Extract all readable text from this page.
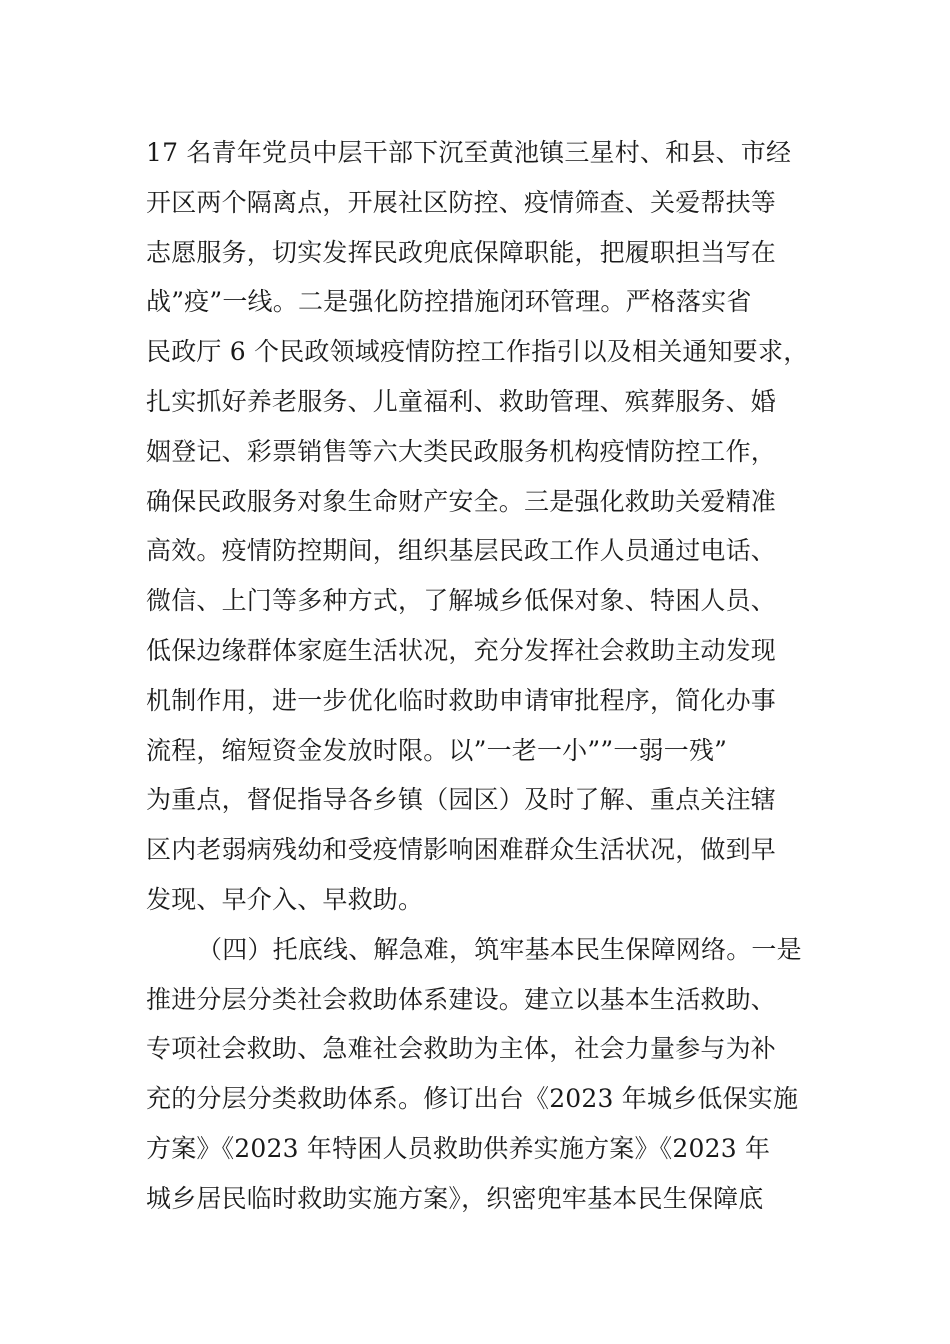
17 名青年党员中层干部下沉至黄池镇三星村、和县、市经
开区两个隔离点，开展社区防控、疫情筛查、关爱帮扶等
志愿服务，切实发挥民政兜底保障职能，把履职担当写在
战”疫”一线。二是强化防控措施闭环管理。严格落实省
民政厅 6 个民政领域疫情防控工作指引以及相关通知要求，
扎实抓好养老服务、儿童福利、救助管理、殡葬服务、婚
姻登记、彩票销售等六大类民政服务机构疫情防控工作，
确保民政服务对象生命财产安全。三是强化救助关爱精准
高效。疫情防控期间，组织基层民政工作人员通过电话、
微信、上门等多种方式，了解城乡低保对象、特困人员、
低保边缘群体家庭生活状况，充分发挥社会救助主动发现
机制作用，进一步优化临时救助申请审批程序，简化办事
流程，缩短资金发放时限。以”一老一小””一弱一残”
为重点，督促指导各乡镇（园区）及时了解、重点关注辖
区内老弱病残幼和受疫情影响困难群众生活状况，做到早
发现、早介入、早救助。
（四）托底线、解急难，筑牢基本民生保障网络。一是
推进分层分类社会救助体系建设。建立以基本生活救助、
专项社会救助、急难社会救助为主体，社会力量参与为补
充的分层分类救助体系。修订出台《2023 年城乡低保实施
方案》《2023 年特困人员救助供养实施方案》《2023 年
城乡居民临时救助实施方案》，织密兜牢基本民生保障底
